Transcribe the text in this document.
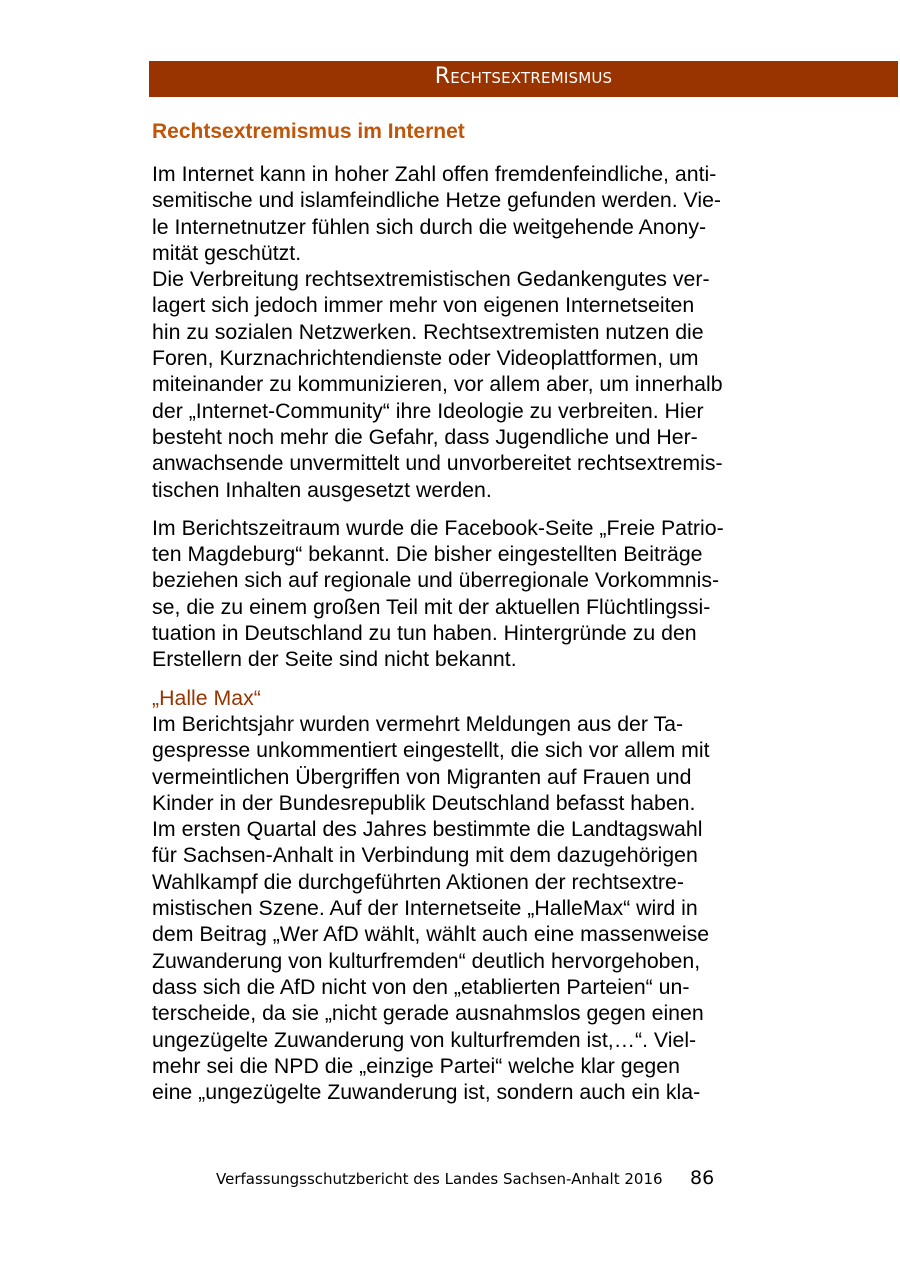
Rechtsextremismus
Rechtsextremismus im Internet

Im Internet kann in hoher Zahl offen fremdenfeindliche, anti-
semitische und islamfeindliche Hetze gefunden werden. Vie-
le Internetnutzer fühlen sich durch die weitgehende Anony-
mität geschützt.
Die Verbreitung rechtsextremistischen Gedankengutes ver-
lagert sich jedoch immer mehr von eigenen Internetseiten
hin zu sozialen Netzwerken. Rechtsextremisten nutzen die
Foren, Kurznachrichtendienste oder Videoplattformen, um
miteinander zu kommunizieren, vor allem aber, um innerhalb
der „Internet-Community“ ihre Ideologie zu verbreiten. Hier
besteht noch mehr die Gefahr, dass Jugendliche und Her-
anwachsende unvermittelt und unvorbereitet rechtsextremis-
tischen Inhalten ausgesetzt werden.

Im Berichtszeitraum wurde die Facebook-Seite „Freie Patrio-
ten Magdeburg“ bekannt. Die bisher eingestellten Beiträge
beziehen sich auf regionale und überregionale Vorkommnis-
se, die zu einem großen Teil mit der aktuellen Flüchtlingssi-
tuation in Deutschland zu tun haben. Hintergründe zu den
Erstellern der Seite sind nicht bekannt.

„Halle Max“

Im Berichtsjahr wurden vermehrt Meldungen aus der Ta-
gespresse unkommentiert eingestellt, die sich vor allem mit
vermeintlichen Übergriffen von Migranten auf Frauen und
Kinder in der Bundesrepublik Deutschland befasst haben.
Im ersten Quartal des Jahres bestimmte die Landtagswahl
für Sachsen-Anhalt in Verbindung mit dem dazugehörigen
Wahlkampf die durchgeführten Aktionen der rechtsextre-
mistischen Szene. Auf der Internetseite „HalleMax“ wird in
dem Beitrag „Wer AfD wählt, wählt auch eine massenweise
Zuwanderung von kulturfremden“ deutlich hervorgehoben,
dass sich die AfD nicht von den „etablierten Parteien“ un-
terscheide, da sie „nicht gerade ausnahmslos gegen einen
ungezügelte Zuwanderung von kulturfremden ist,…“. Viel-
mehr sei die NPD die „einzige Partei“ welche klar gegen
eine „ungezügelte Zuwanderung ist, sondern auch ein kla-

Verfassungsschutzbericht des Landes Sachsen-Anhalt 2016 86
